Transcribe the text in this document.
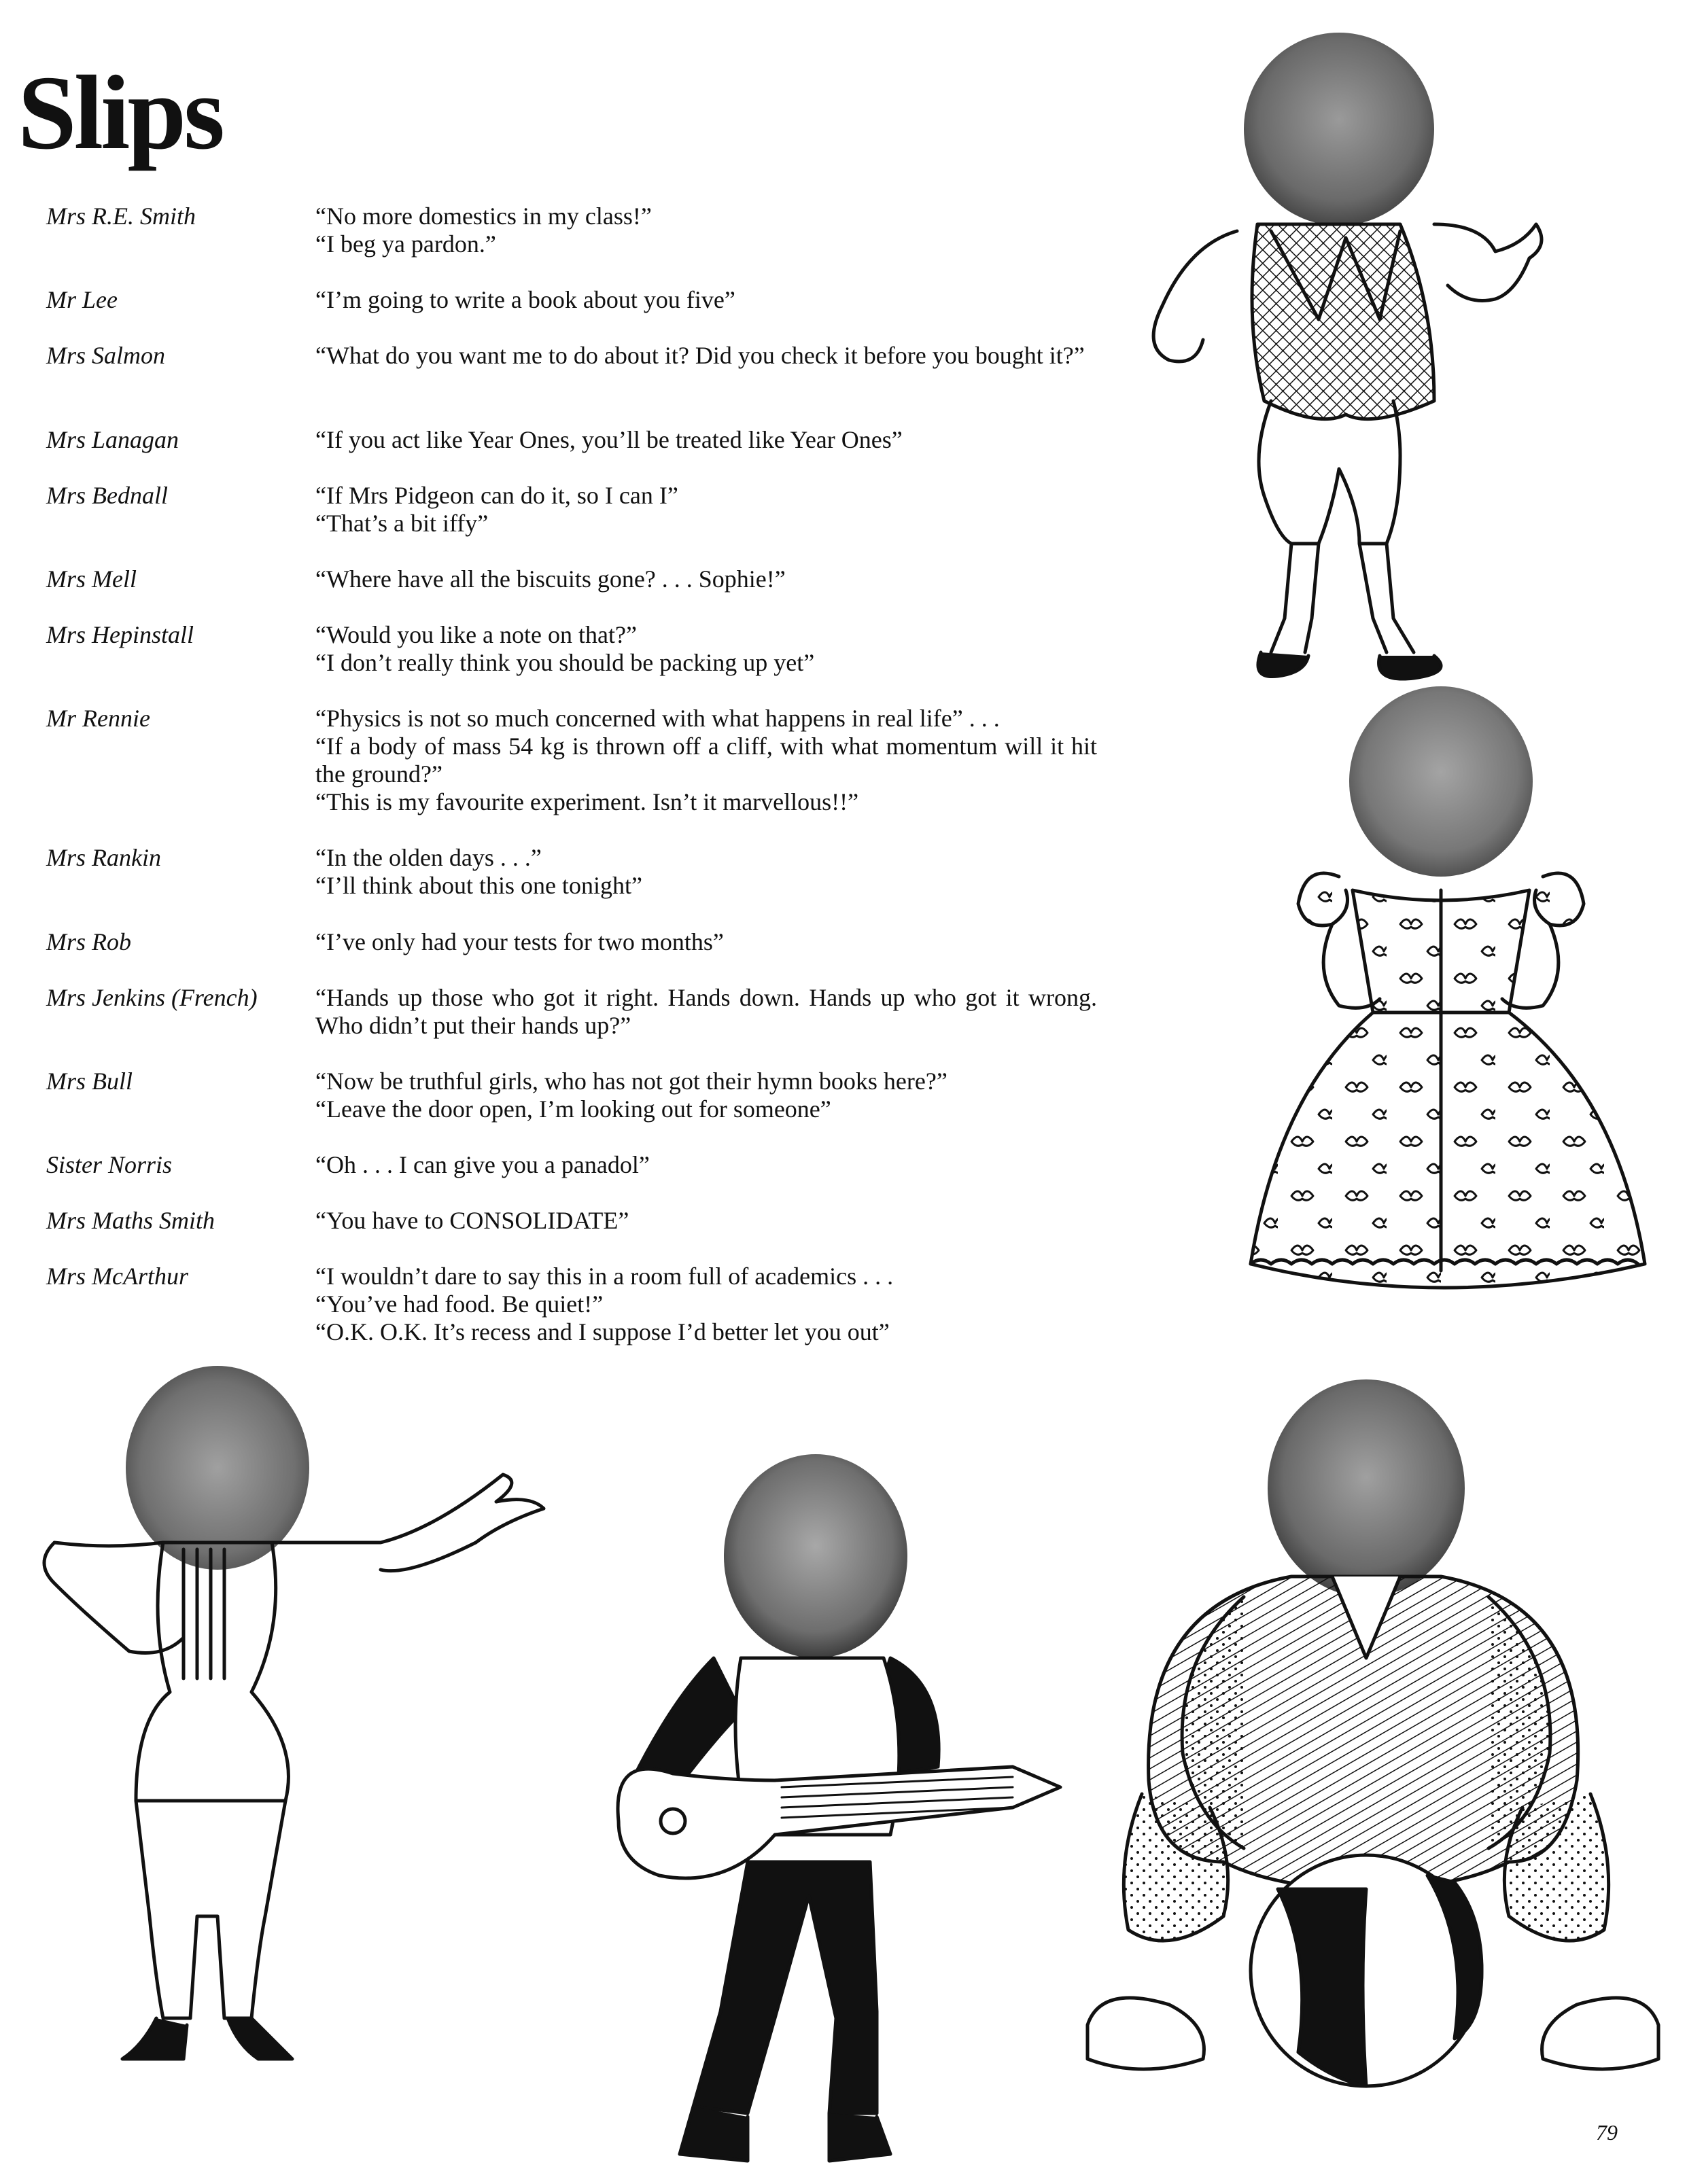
Slips
Mrs R.E. Smith	“No more domestics in my class!”
“I beg ya pardon.”
Mr Lee	“I’m going to write a book about you five”
Mrs Salmon	“What do you want me to do about it? Did you check it before you bought it?”
Mrs Lanagan	“If you act like Year Ones, you’ll be treated like Year Ones”
Mrs Bednall	“If Mrs Pidgeon can do it, so I can I”
“That’s a bit iffy”
Mrs Mell	“Where have all the biscuits gone? . . . Sophie!”
Mrs Hepinstall	“Would you like a note on that?”
“I don’t really think you should be packing up yet”
Mr Rennie	“Physics is not so much concerned with what happens in real life” . . .
“If a body of mass 54 kg is thrown off a cliff, with what momentum will it hit the ground?”
“This is my favourite experiment. Isn’t it marvellous!!”
Mrs Rankin	“In the olden days . . .”
“I’ll think about this one tonight”
Mrs Rob	“I’ve only had your tests for two months”
Mrs Jenkins (French) “Hands up those who got it right. Hands down. Hands up who got it wrong. Who didn’t put their hands up?”
Mrs Bull	“Now be truthful girls, who has not got their hymn books here?”
“Leave the door open, I’m looking out for someone”
Sister Norris	“Oh . . . I can give you a panadol”
Mrs Maths Smith	“You have to CONSOLIDATE”
Mrs McArthur	“I wouldn’t dare to say this in a room full of academics . . .
“You’ve had food. Be quiet!”
“O.K. O.K. It’s recess and I suppose I’d better let you out”
79
